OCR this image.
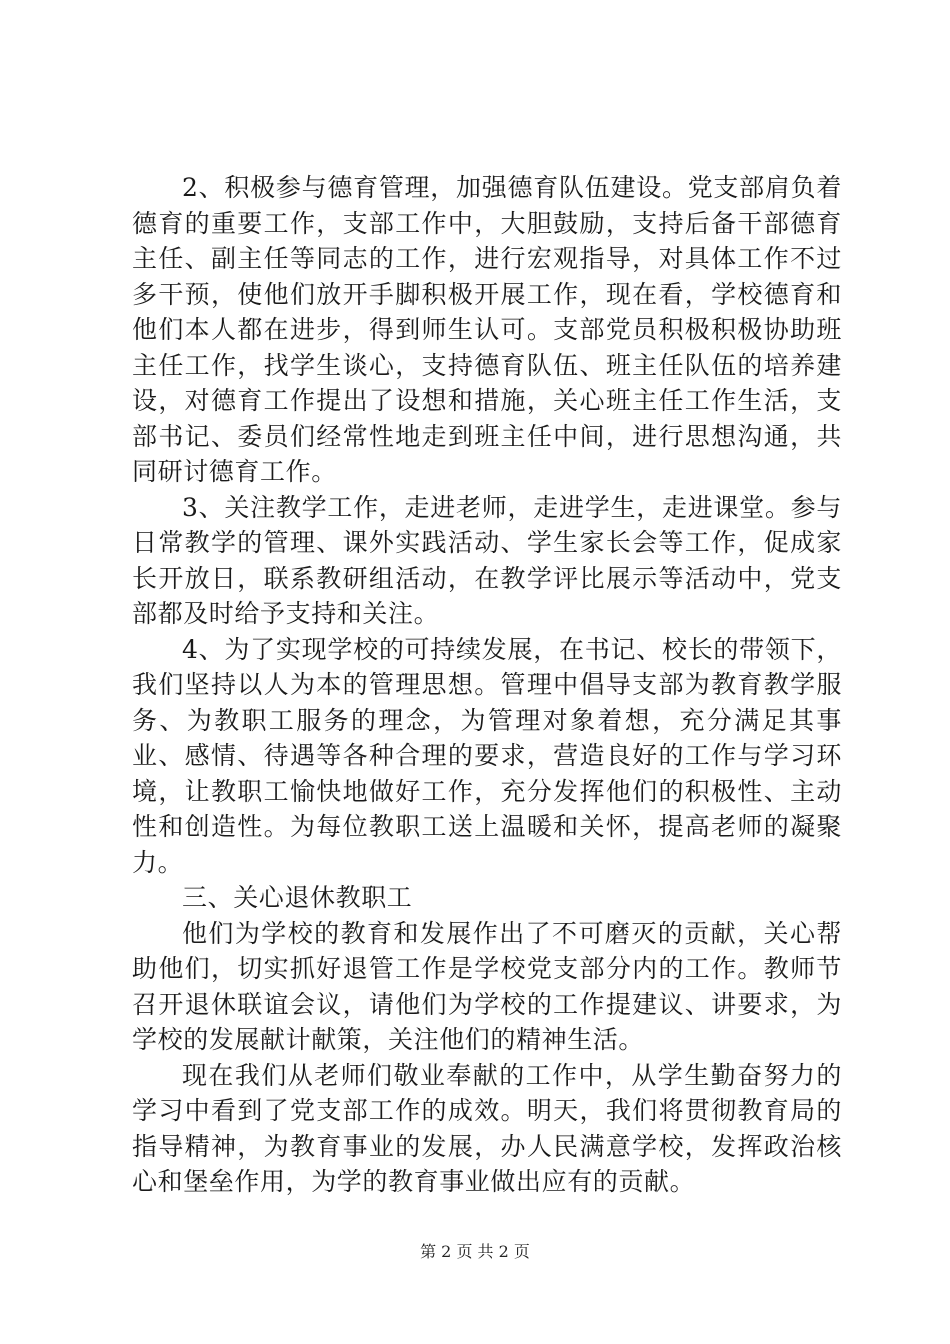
2、积极参与德育管理，加强德育队伍建设。党支部肩负着德育的重要工作，支部工作中，大胆鼓励，支持后备干部德育主任、副主任等同志的工作，进行宏观指导，对具体工作不过多干预，使他们放开手脚积极开展工作，现在看，学校德育和他们本人都在进步，得到师生认可。支部党员积极积极协助班主任工作，找学生谈心，支持德育队伍、班主任队伍的培养建设，对德育工作提出了设想和措施，关心班主任工作生活，支部书记、委员们经常性地走到班主任中间，进行思想沟通，共同研讨德育工作。

3、关注教学工作，走进老师，走进学生，走进课堂。参与日常教学的管理、课外实践活动、学生家长会等工作，促成家长开放日，联系教研组活动，在教学评比展示等活动中，党支部都及时给予支持和关注。

4、为了实现学校的可持续发展，在书记、校长的带领下，我们坚持以人为本的管理思想。管理中倡导支部为教育教学服务、为教职工服务的理念，为管理对象着想，充分满足其事业、感情、待遇等各种合理的要求，营造良好的工作与学习环境，让教职工愉快地做好工作，充分发挥他们的积极性、主动性和创造性。为每位教职工送上温暖和关怀，提高老师的凝聚力。

三、关心退休教职工

他们为学校的教育和发展作出了不可磨灭的贡献，关心帮助他们，切实抓好退管工作是学校党支部分内的工作。教师节召开退休联谊会议，请他们为学校的工作提建议、讲要求，为学校的发展献计献策，关注他们的精神生活。

现在我们从老师们敬业奉献的工作中，从学生勤奋努力的学习中看到了党支部工作的成效。明天，我们将贯彻教育局的指导精神，为教育事业的发展，办人民满意学校，发挥政治核心和堡垒作用，为学的教育事业做出应有的贡献。

第 2 页 共 2 页
